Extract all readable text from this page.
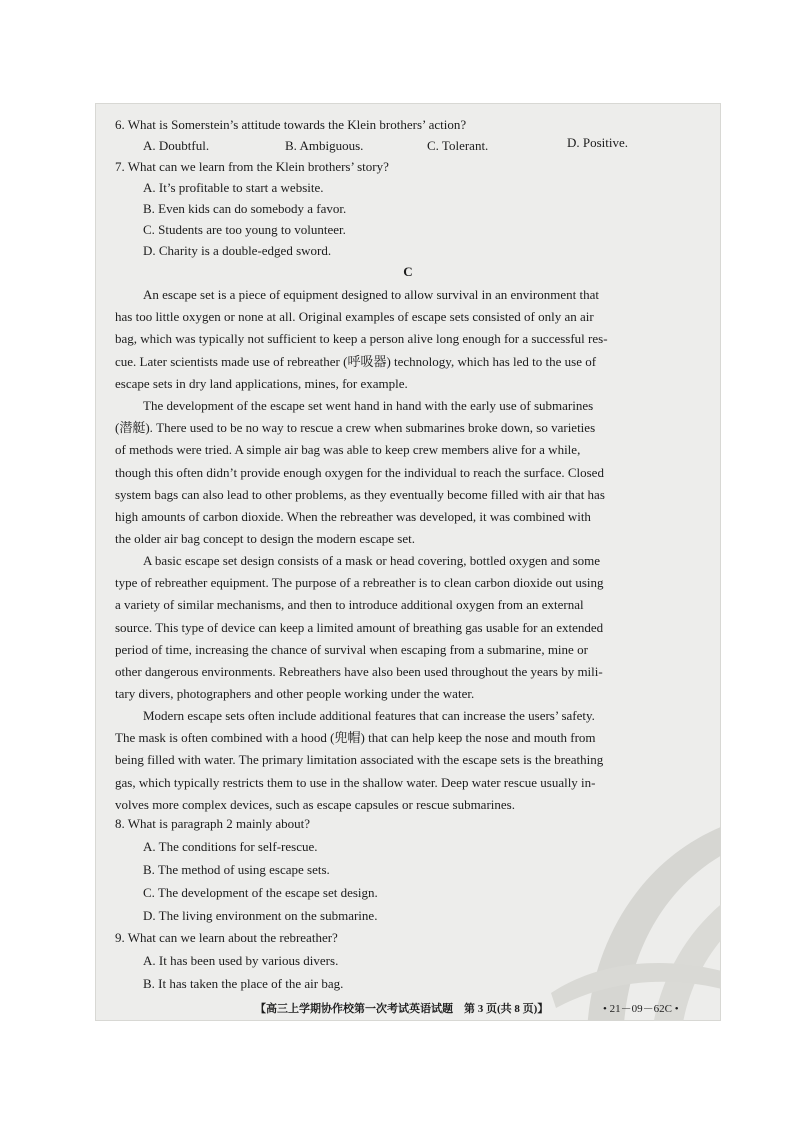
6. What is Somerstein’s attitude towards the Klein brothers’ action?
A. Doubtful.	B. Ambiguous.	C. Tolerant.	D. Positive.
7. What can we learn from the Klein brothers’ story?
A. It’s profitable to start a website.
B. Even kids can do somebody a favor.
C. Students are too young to volunteer.
D. Charity is a double-edged sword.
C
An escape set is a piece of equipment designed to allow survival in an environment that
has too little oxygen or none at all. Original examples of escape sets consisted of only an air
bag, which was typically not sufficient to keep a person alive long enough for a successful res-
cue. Later scientists made use of rebreather (呼吸器) technology, which has led to the use of
escape sets in dry land applications, mines, for example.
The development of the escape set went hand in hand with the early use of submarines
(潜艇). There used to be no way to rescue a crew when submarines broke down, so varieties
of methods were tried. A simple air bag was able to keep crew members alive for a while,
though this often didn’t provide enough oxygen for the individual to reach the surface. Closed
system bags can also lead to other problems, as they eventually become filled with air that has
high amounts of carbon dioxide. When the rebreather was developed, it was combined with
the older air bag concept to design the modern escape set.
A basic escape set design consists of a mask or head covering, bottled oxygen and some
type of rebreather equipment. The purpose of a rebreather is to clean carbon dioxide out using
a variety of similar mechanisms, and then to introduce additional oxygen from an external
source. This type of device can keep a limited amount of breathing gas usable for an extended
period of time, increasing the chance of survival when escaping from a submarine, mine or
other dangerous environments. Rebreathers have also been used throughout the years by mili-
tary divers, photographers and other people working under the water.
Modern escape sets often include additional features that can increase the users’ safety.
The mask is often combined with a hood (兜帽) that can help keep the nose and mouth from
being filled with water. The primary limitation associated with the escape sets is the breathing
gas, which typically restricts them to use in the shallow water. Deep water rescue usually in-
volves more complex devices, such as escape capsules or rescue submarines.
8. What is paragraph 2 mainly about?
A. The conditions for self-rescue.
B. The method of using escape sets.
C. The development of the escape set design.
D. The living environment on the submarine.
9. What can we learn about the rebreather?
A. It has been used by various divers.
B. It has taken the place of the air bag.
【高三上学期协作校第一次考试英语试题　第 3 页(共 8 页)】	• 21－09－62C •
